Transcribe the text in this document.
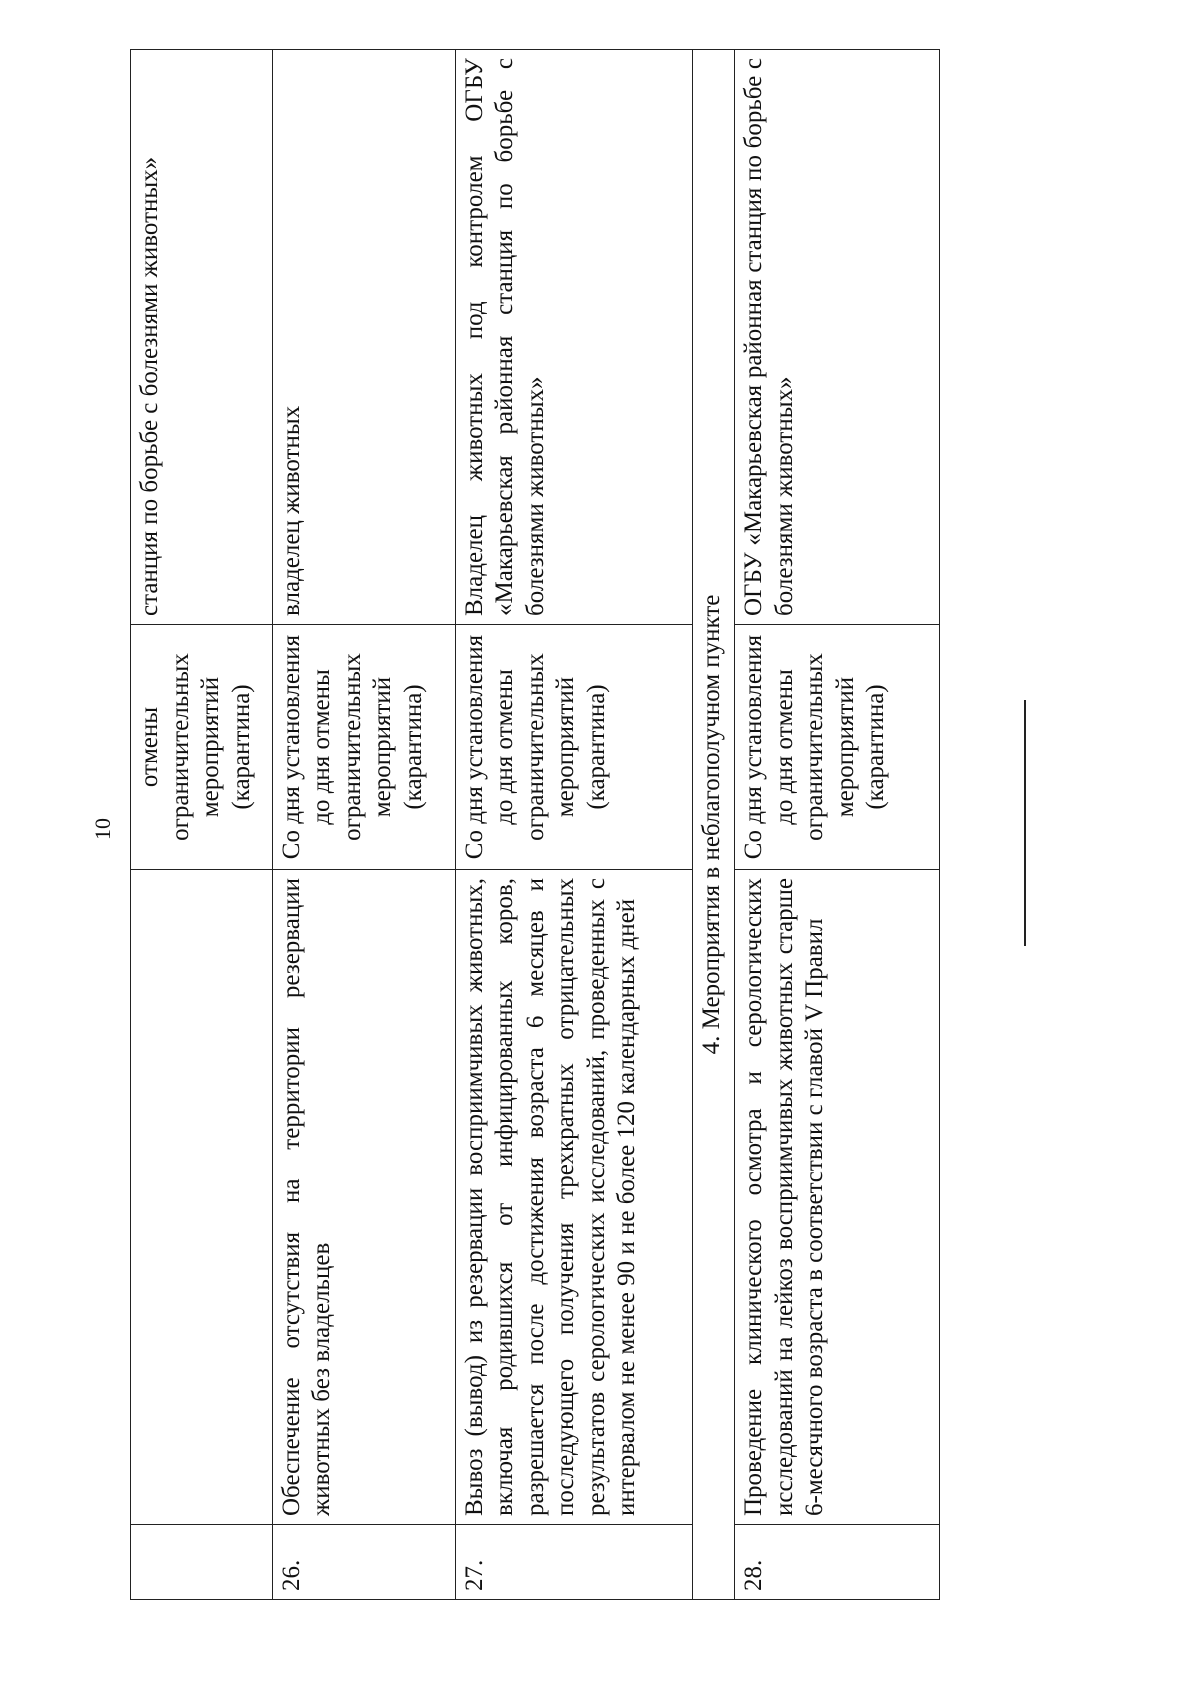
10
		отмены ограничительных мероприятий (карантина)	станция по борьбе с болезнями животных»
26.	Обеспечение отсутствия на территории резервации животных без владельцев	Со дня установления до дня отмены ограничительных мероприятий (карантина)	владелец животных
27.	Вывоз (вывод) из резервации восприимчивых животных, включая родившихся от инфицированных коров, разрешается после достижения возраста 6 месяцев и последующего получения трехкратных отрицательных результатов серологических исследований, проведенных с интервалом не менее 90 и не более 120 календарных дней	Со дня установления до дня отмены ограничительных мероприятий (карантина)	Владелец животных под контролем ОГБУ «Макарьевская районная станция по борьбе с болезнями животных»
4. Мероприятия в неблагополучном пункте			
28.	Проведение клинического осмотра и серологических исследований на лейкоз восприимчивых животных старше 6-месячного возраста в соответствии с главой V Правил	Со дня установления до дня отмены ограничительных мероприятий (карантина)	ОГБУ «Макарьевская районная станция по борьбе с болезнями животных»
